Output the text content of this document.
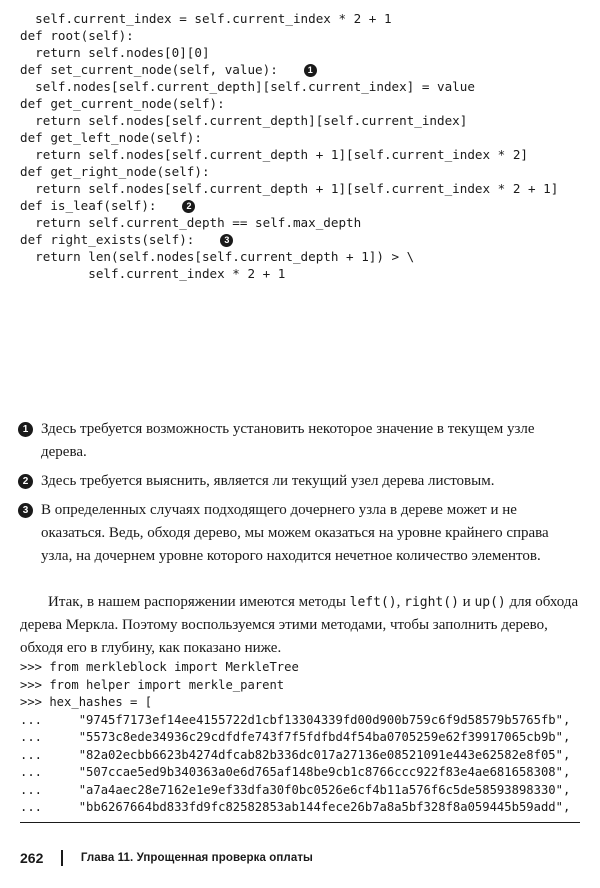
self.current_index = self.current_index * 2 + 1
def root(self):
return self.nodes[0][0]
def set_current_node(self, value):	1
self.nodes[self.current_depth][self.current_index] = value
def get_current_node(self):
return self.nodes[self.current_depth][self.current_index]
def get_left_node(self):
return self.nodes[self.current_depth + 1][self.current_index * 2]
def get_right_node(self):
return self.nodes[self.current_depth + 1][self.current_index * 2 + 1]
def is_leaf(self):	2
return self.current_depth == self.max_depth
def right_exists(self):	3
return len(self.nodes[self.current_depth + 1]) > \
self.current_index * 2 + 1
1 Здесь требуется возможность установить некоторое значение в текущем узле дерева.
2 Здесь требуется выяснить, является ли текущий узел дерева листовым.
3 В определенных случаях подходящего дочернего узла в дереве может и не оказаться. Ведь, обходя дерево, мы можем оказаться на уровне крайнего справа узла, на дочернем уровне которого находится нечетное количество элементов.
Итак, в нашем распоряжении имеются методы left(), right() и up() для обхода дерева Меркла. Поэтому воспользуемся этими методами, чтобы заполнить дерево, обходя его в глубину, как показано ниже.
>>> from merkleblock import MerkleTree
>>> from helper import merkle_parent
>>> hex_hashes = [
...     "9745f7173ef14ee4155722d1cbf13304339fd00d900b759c6f9d58579b5765fb",
...     "5573c8ede34936c29cdfdfe743f7f5fdfbd4f54ba0705259e62f39917065cb9b",
...     "82a02ecbb6623b4274dfcab82b336dc017a27136e08521091e443e62582e8f05",
...     "507ccae5ed9b340363a0e6d765af148be9cb1c8766ccc922f83e4ae681658308",
...     "a7a4aec28e7162e1e9ef33dfa30f0bc0526e6cf4b11a576f6c5de58593898330",
...     "bb6267664bd833fd9fc82582853ab144fece26b7a8a5bf328f8a059445b59add",
262	Глава 11. Упрощенная проверка оплаты
